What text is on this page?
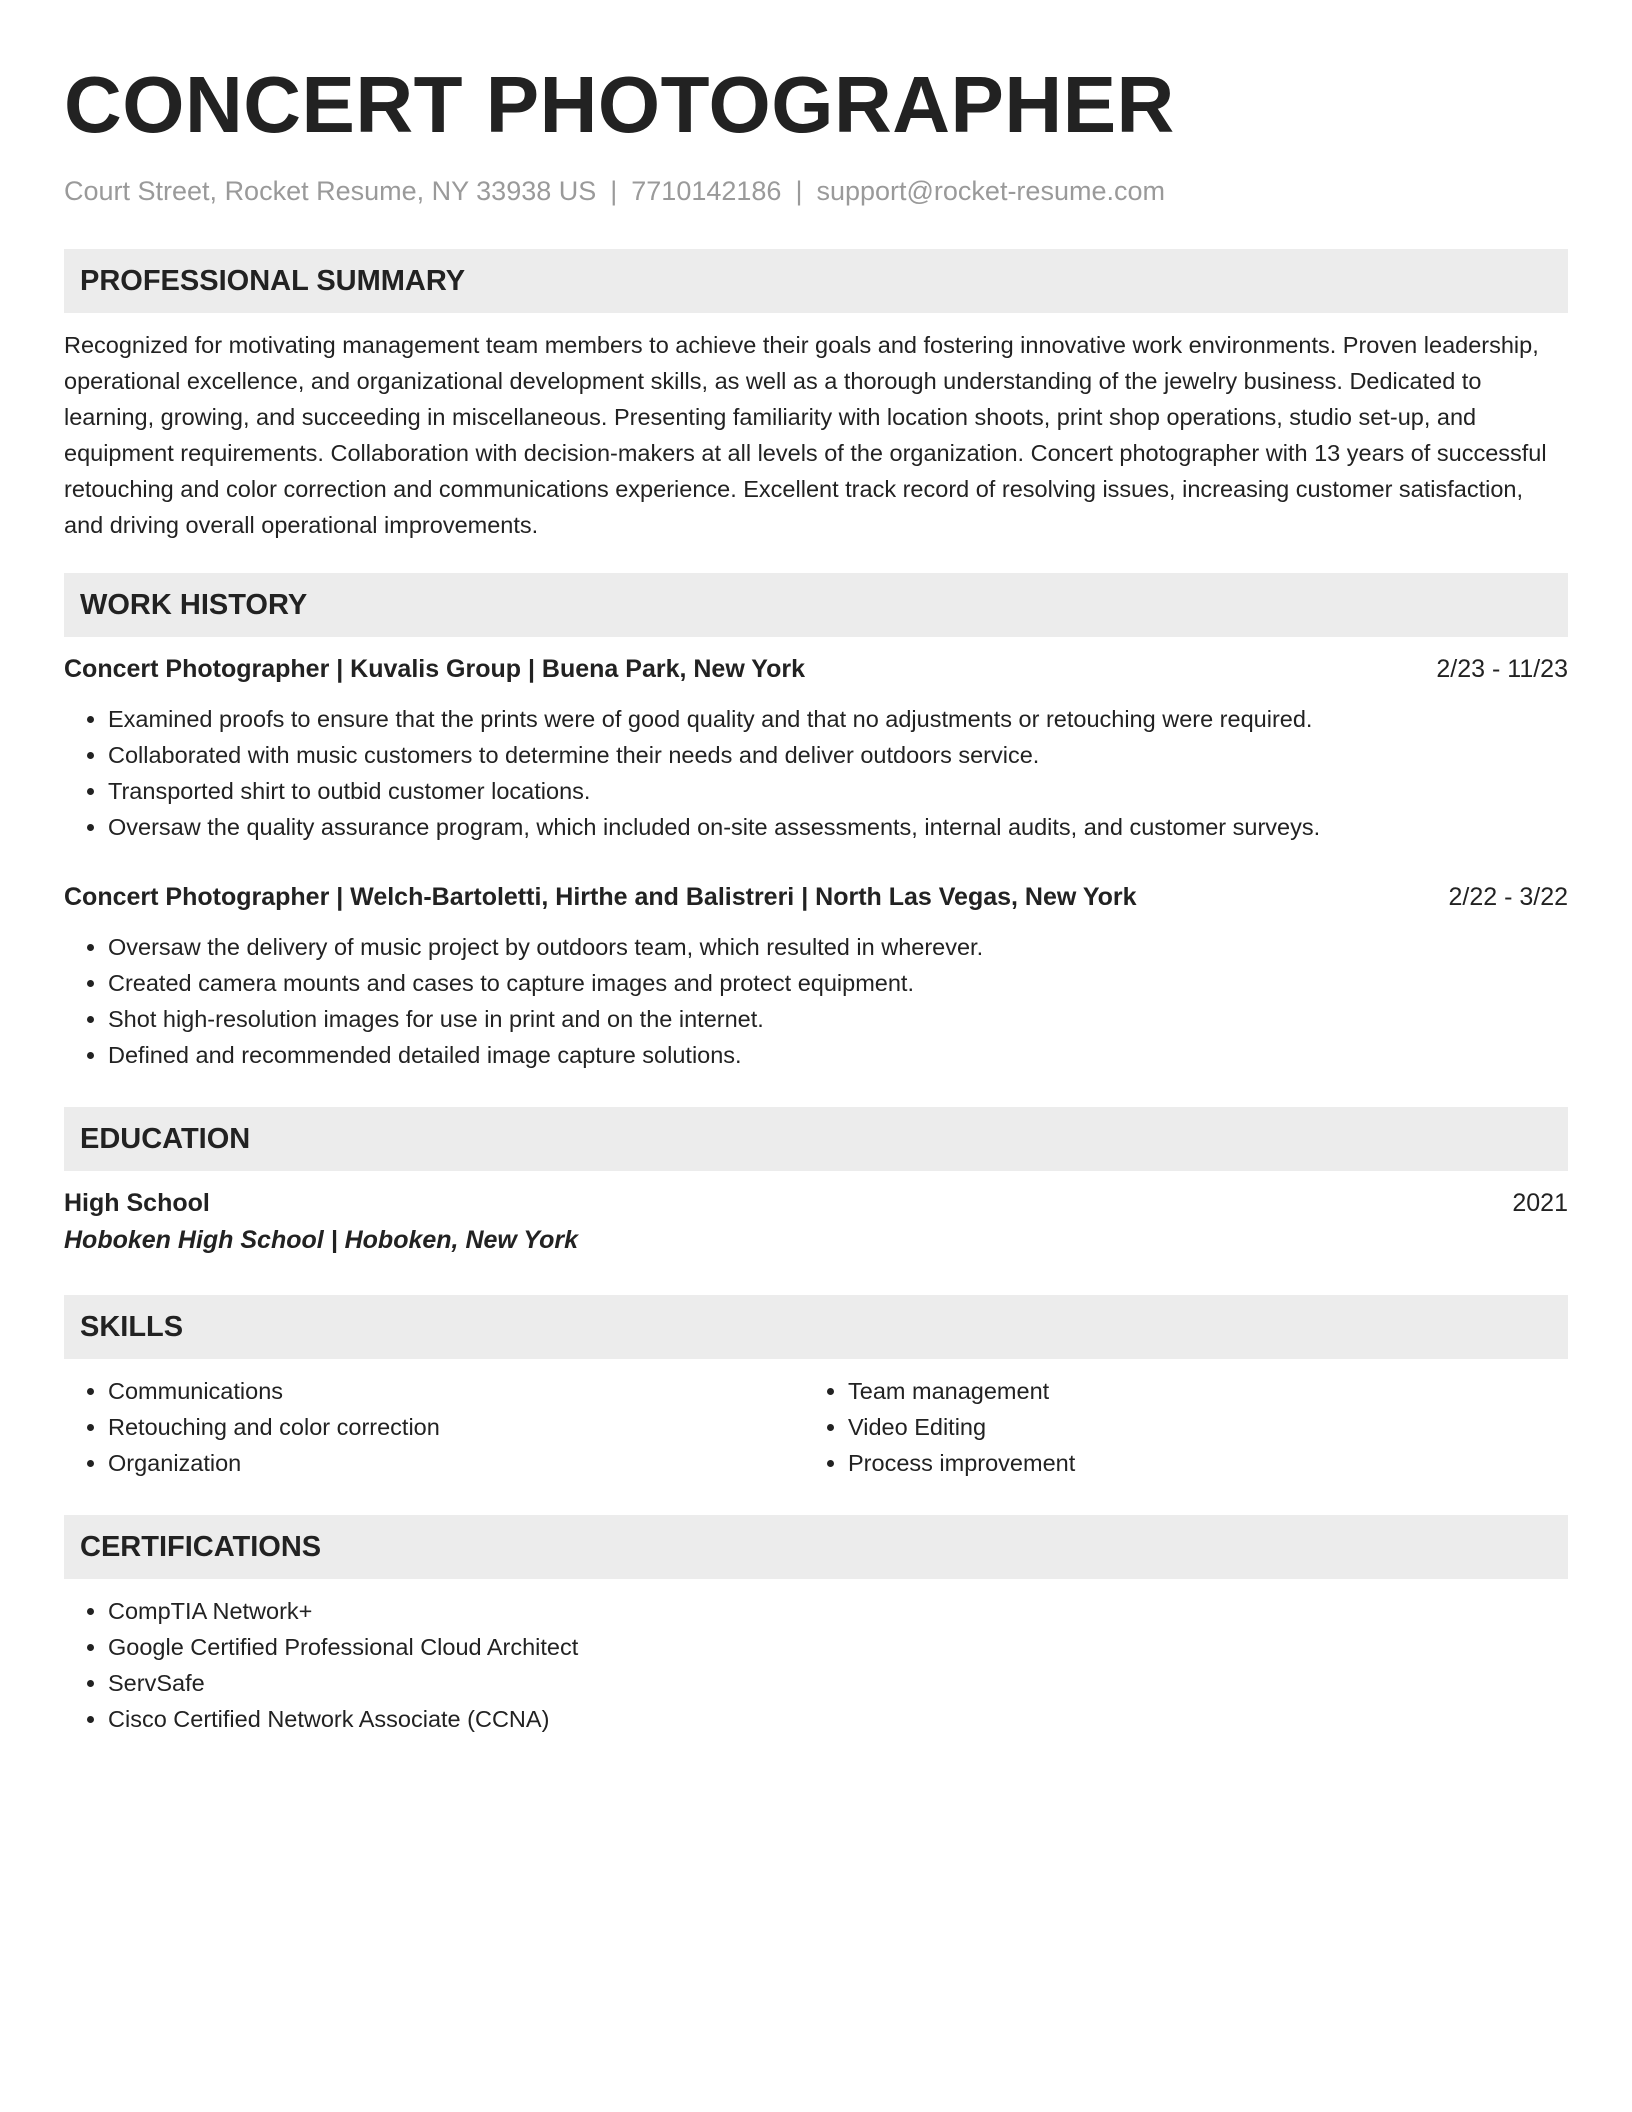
CONCERT PHOTOGRAPHER
Court Street, Rocket Resume, NY 33938 US | 7710142186 | support@rocket-resume.com
PROFESSIONAL SUMMARY

Recognized for motivating management team members to achieve their goals and fostering innovative work environments. Proven leadership, operational excellence, and organizational development skills, as well as a thorough understanding of the jewelry business. Dedicated to learning, growing, and succeeding in miscellaneous. Presenting familiarity with location shoots, print shop operations, studio set-up, and equipment requirements. Collaboration with decision-makers at all levels of the organization. Concert photographer with 13 years of successful retouching and color correction and communications experience. Excellent track record of resolving issues, increasing customer satisfaction, and driving overall operational improvements.

WORK HISTORY
Concert Photographer | Kuvalis Group | Buena Park, New York	2/23 - 11/23
• Examined proofs to ensure that the prints were of good quality and that no adjustments or retouching were required.
• Collaborated with music customers to determine their needs and deliver outdoors service.
• Transported shirt to outbid customer locations.
• Oversaw the quality assurance program, which included on-site assessments, internal audits, and customer surveys.
Concert Photographer | Welch-Bartoletti, Hirthe and Balistreri | North Las Vegas, New York	2/22 - 3/22
• Oversaw the delivery of music project by outdoors team, which resulted in wherever.
• Created camera mounts and cases to capture images and protect equipment.
• Shot high-resolution images for use in print and on the internet.
• Defined and recommended detailed image capture solutions.
EDUCATION
High School	2021
Hoboken High School | Hoboken, New York
SKILLS
• Communications
• Retouching and color correction
• Organization
• Team management
• Video Editing
• Process improvement
CERTIFICATIONS
• CompTIA Network+
• Google Certified Professional Cloud Architect
• ServSafe
• Cisco Certified Network Associate (CCNA)
